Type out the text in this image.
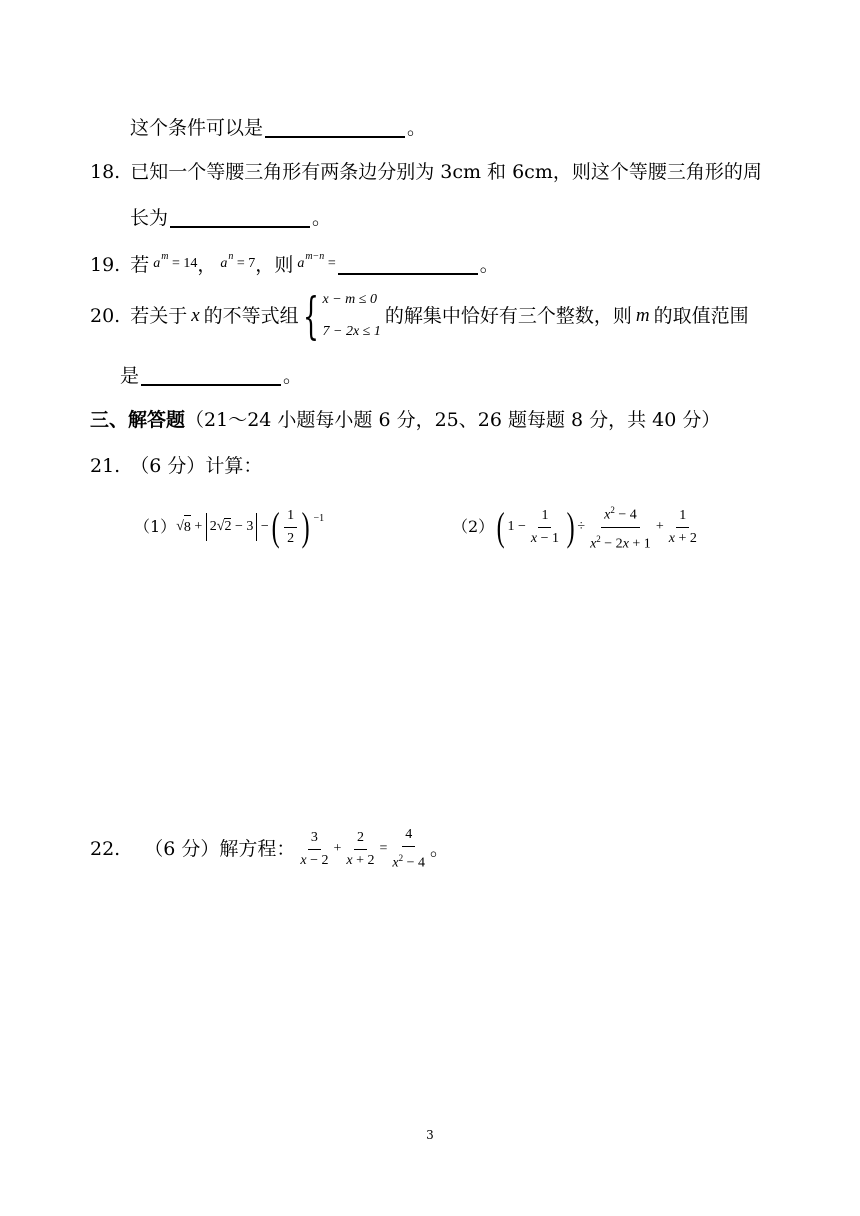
这个条件可以是	。
18. 已知一个等腰三角形有两条边分别为 3cm 和 6cm，则这个等腰三角形的周
长为	。
19. 若 $a^m = 14$ ， $a^n = 7$ ， 则 $a^{m-n}$ =	。
20. 若关于 x 的不等式组 { x − m ≤ 0
7 − 2x ≤ 1
的解集中恰好有三个整数，则 m 的取值范围
是	。
三、解答题 （21～24 小题每小题 6 分，25、26 题每题 8 分，共 40 分）
21. （6 分）计算：
（1） √ 8 + 2√2 − 3 − ( $\frac{1}{2}$ ) −1	（2） ( $1 - \frac{1}{x - 1}$ ) ÷ $\frac{x^2 - 4}{x^2 - 2x + 1} + \frac{1}{x + 2}$
22. （6 分）解方程： $\frac{3}{x - 2} + \frac{2}{x + 2} = \frac{4}{x^2 - 4}$ 。
3
